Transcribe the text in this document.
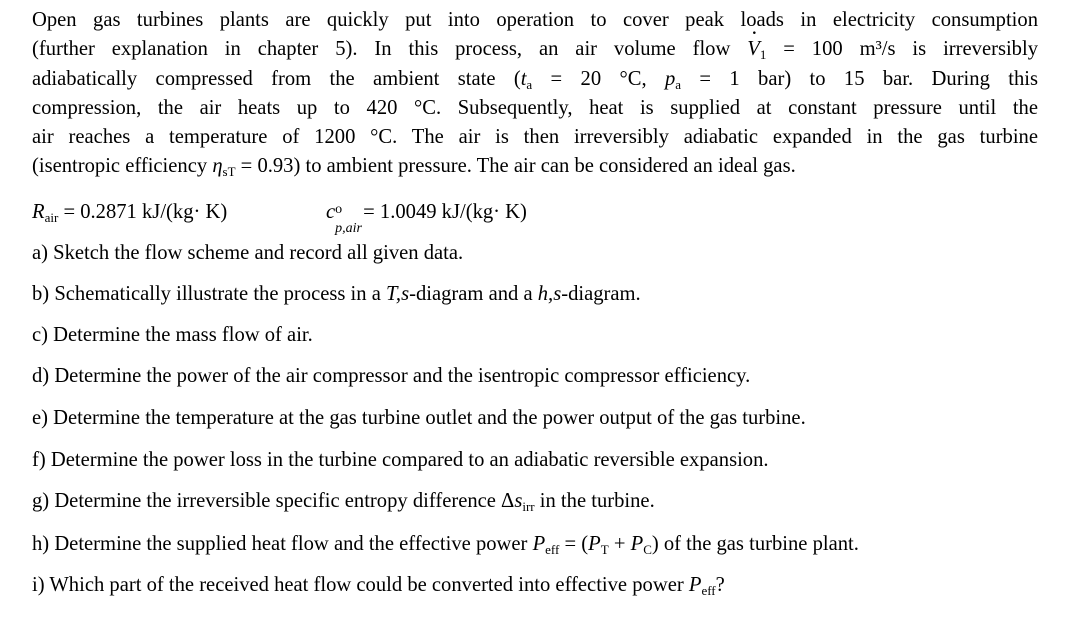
Open gas turbines plants are quickly put into operation to cover peak loads in electricity consumption
(further explanation in chapter 5). In this process, an air volume flow · $V_1 = 100$ m³/s is irreversibly
adiabatically compressed from the ambient state ($t_a = 20$ °C, $p_a = 1$ bar) to 15 bar. During this
compression, the air heats up to 420 °C. Subsequently, heat is supplied at constant pressure until the
air reaches a temperature of 1200 °C. The air is then irreversibly adiabatic expanded in the gas turbine
(isentropic efficiency $\eta_{sT} = 0.93$) to ambient pressure. The air can be considered an ideal gas.
$R_{air} = 0.2871$ kJ/(kg· K)	c o
p,air
= 1.0049 kJ/(kg· K)
a) Sketch the flow scheme and record all given data.
b) Schematically illustrate the process in a T,s-diagram and a h,s-diagram.
c) Determine the mass flow of air.
d) Determine the power of the air compressor and the isentropic compressor efficiency.
e) Determine the temperature at the gas turbine outlet and the power output of the gas turbine.
f) Determine the power loss in the turbine compared to an adiabatic reversible expansion.
g) Determine the irreversible specific entropy difference $\Delta s_{irr}$ in the turbine.
h) Determine the supplied heat flow and the effective power $P_{eff} = (P_T + P_C)$ of the gas turbine plant.
i) Which part of the received heat flow could be converted into effective power $P_{eff}$?
